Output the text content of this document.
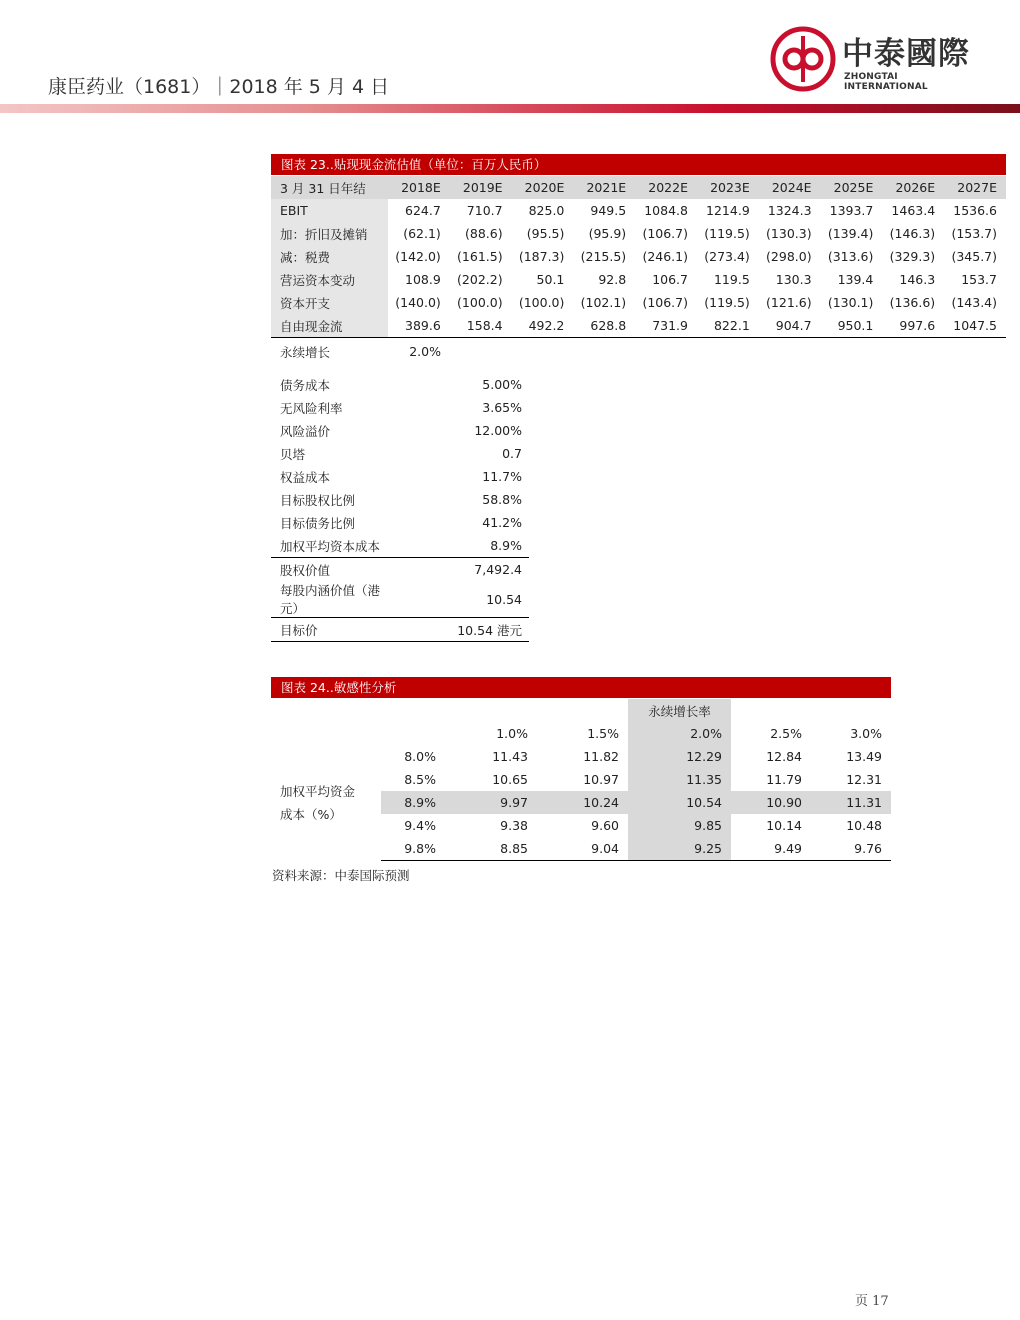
康臣药业（1681）｜2018 年 5 月 4 日
中泰國際
ZHONGTAI INTERNATIONAL
图表 23..贴现现金流估值（单位：百万人民币）
3 月 31 日年结	2018E	2019E	2020E	2021E	2022E	2023E	2024E	2025E	2026E	2027E
EBIT	624.7	710.7	825.0	949.5	1084.8	1214.9	1324.3	1393.7	1463.4	1536.6
加：折旧及摊销	(62.1)	(88.6)	(95.5)	(95.9)	(106.7)	(119.5)	(130.3)	(139.4)	(146.3)	(153.7)
减：税费	(142.0)	(161.5)	(187.3)	(215.5)	(246.1)	(273.4)	(298.0)	(313.6)	(329.3)	(345.7)
营运资本变动	108.9	(202.2)	50.1	92.8	106.7	119.5	130.3	139.4	146.3	153.7
资本开支	(140.0)	(100.0)	(100.0)	(102.1)	(106.7)	(119.5)	(121.6)	(130.1)	(136.6)	(143.4)
自由现金流	389.6	158.4	492.2	628.8	731.9	822.1	904.7	950.1	997.6	1047.5
永续增长	2.0%

债务成本	5.00%
无风险利率	3.65%
风险溢价	12.00%
贝塔	0.7
权益成本	11.7%
目标股权比例	58.8%
目标债务比例	41.2%
加权平均资本成本	8.9%
股权价值	7,492.4
每股内涵价值（港元）	10.54
目标价	10.54 港元
图表 24..敏感性分析
				永续增长率		
		1.0%	1.5%	2.0%	2.5%	3.0%

加权平均资金
成本（%）	8.0%	11.43	11.82	12.29	12.84	13.49
	8.5%	10.65	10.97	11.35	11.79	12.31
	8.9%	9.97	10.24	10.54	10.90	11.31
	9.4%	9.38	9.60	9.85	10.14	10.48
	9.8%	8.85	9.04	9.25	9.49	9.76
资料来源：中泰国际预测
页 17
